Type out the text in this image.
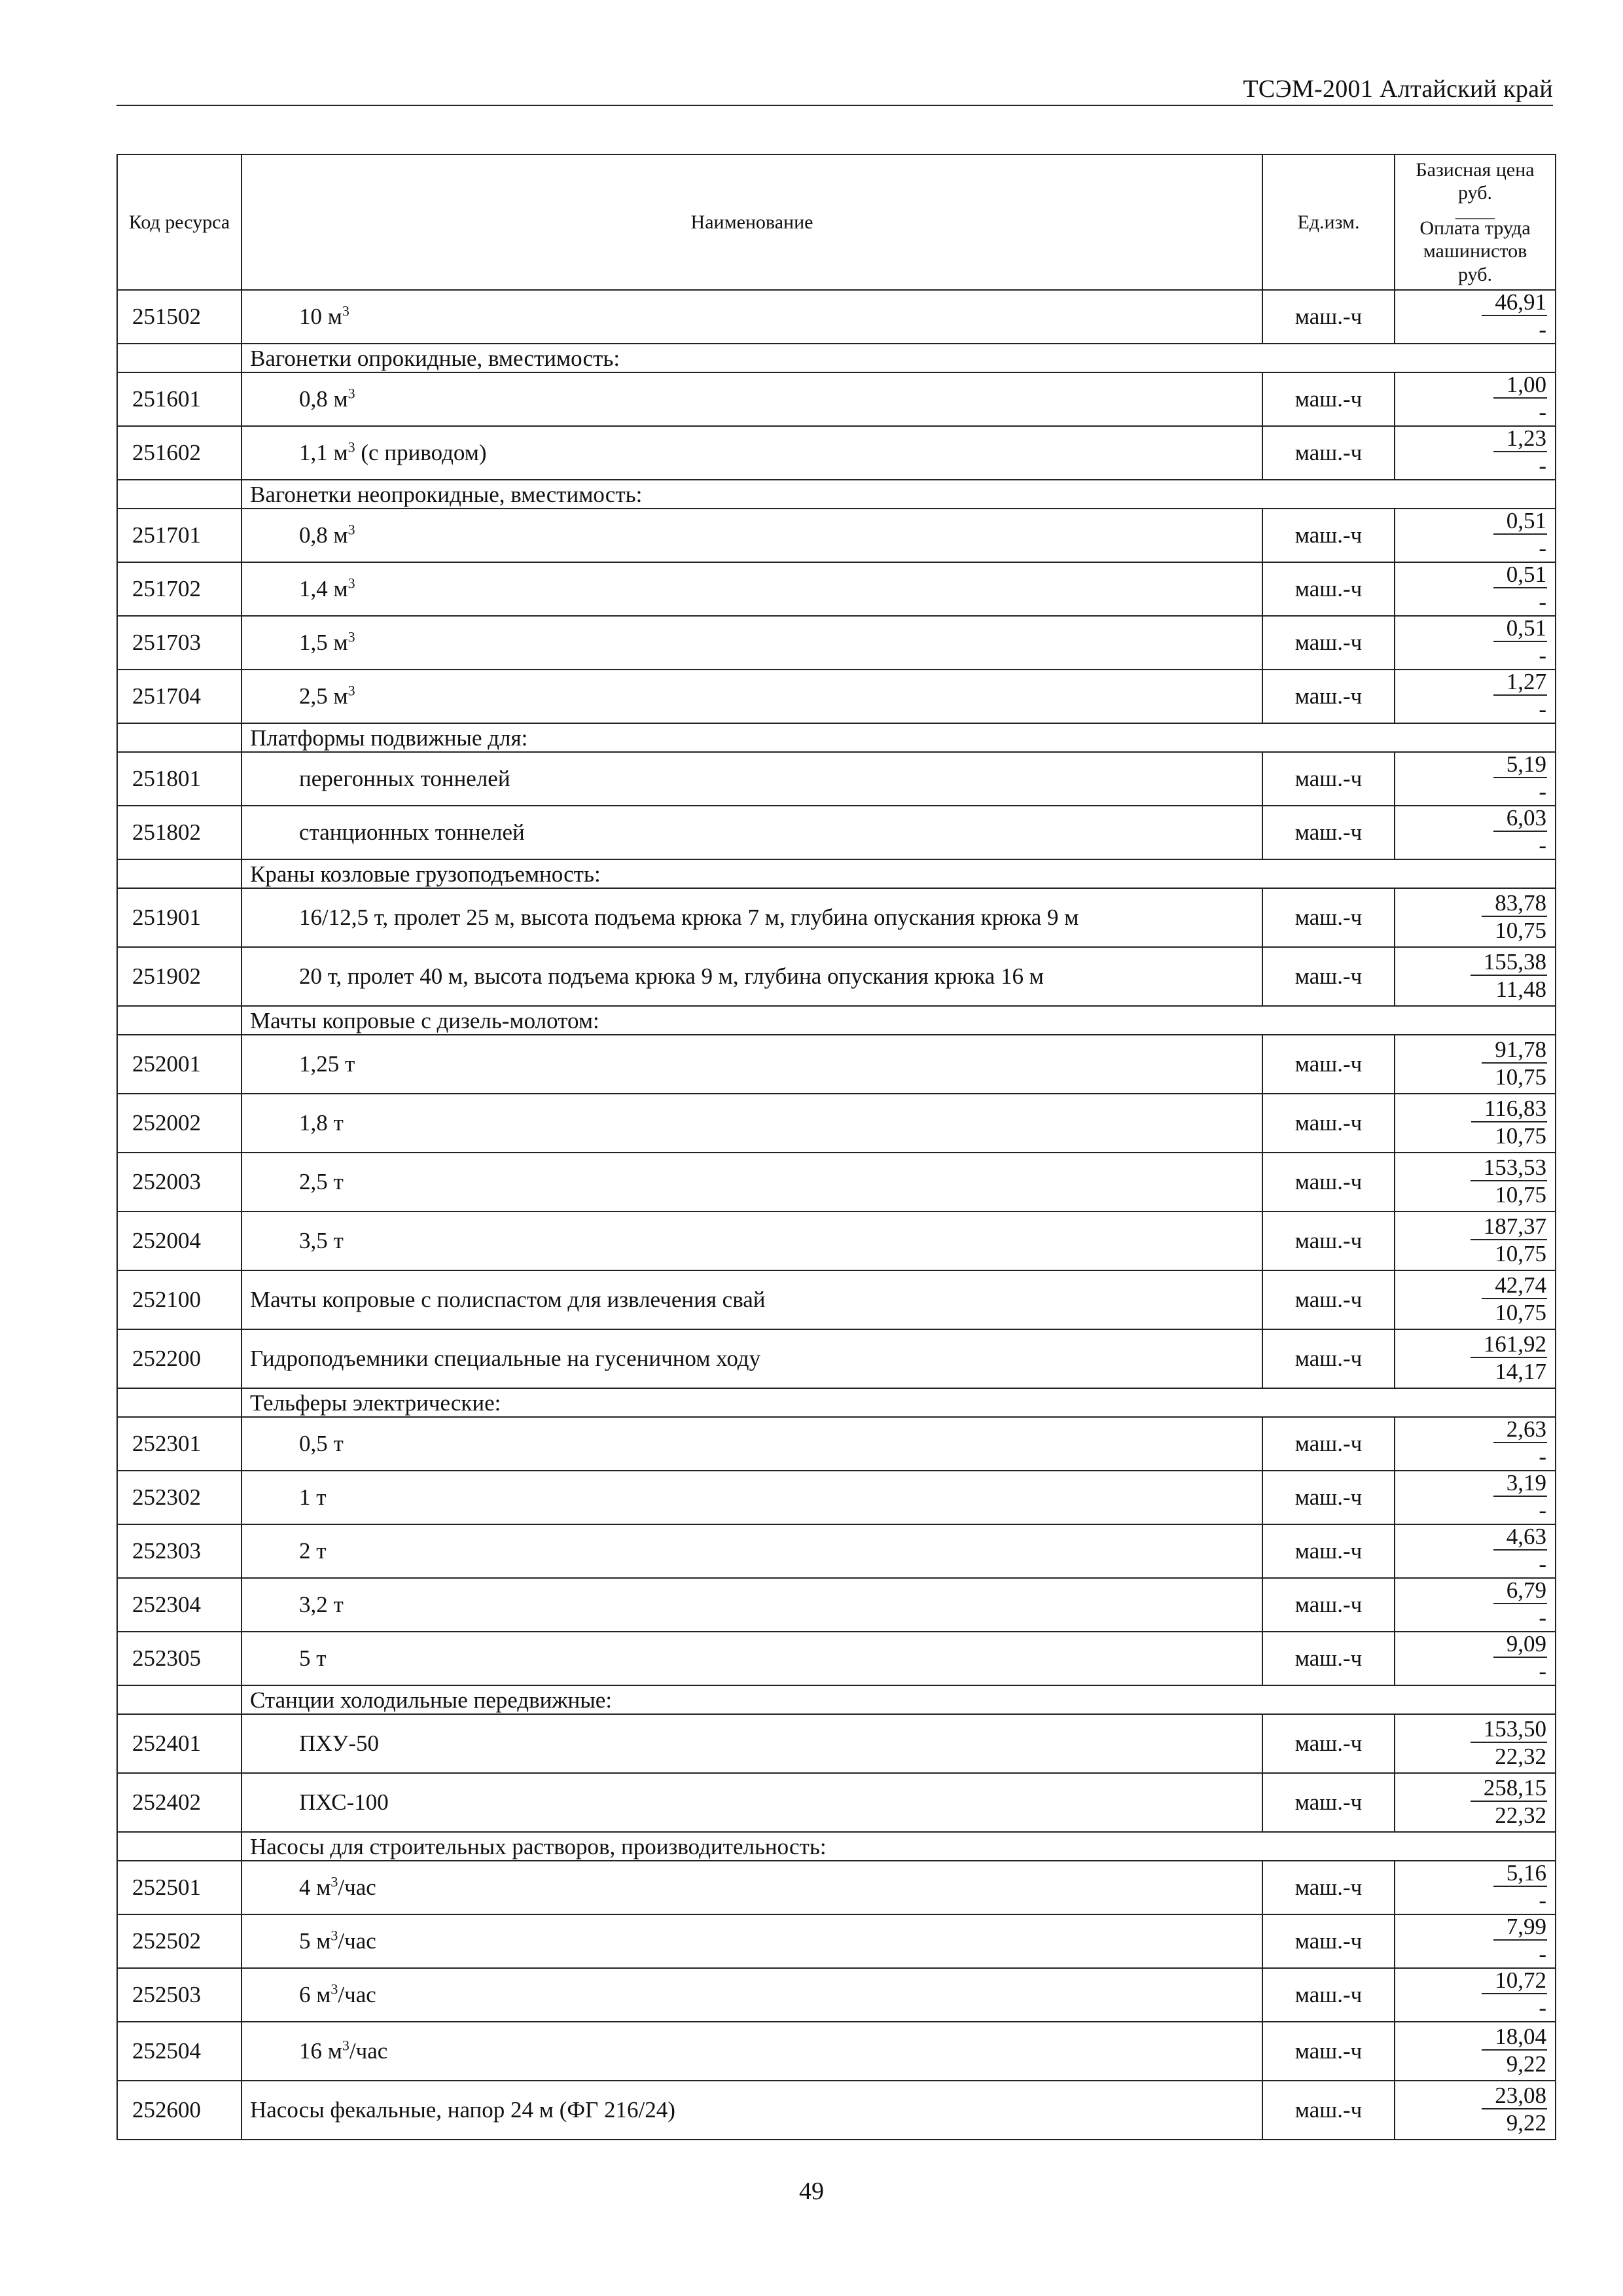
ТСЭМ-2001 Алтайский край
Код ресурса	Наименование	Ед.изм.	Базисная цена руб.
____
Оплата труда машинистов руб.

251502	10 $м^3$	маш.-ч	46,91
-

	Вагонетки опрокидные, вместимость:		
251601	0,8 $м^3$	маш.-ч	1,00
-

251602	1,1 $м^3$ (с приводом)	маш.-ч	1,23
-

	Вагонетки неопрокидные, вместимость:		
251701	0,8 $м^3$	маш.-ч	0,51
-

251702	1,4 $м^3$	маш.-ч	0,51
-

251703	1,5 $м^3$	маш.-ч	0,51
-

251704	2,5 $м^3$	маш.-ч	1,27
-

	Платформы подвижные для:		
251801	перегонных тоннелей	маш.-ч	5,19
-

251802	станционных тоннелей	маш.-ч	6,03
-

	Краны козловые грузоподъемность:		
251901	16/12,5 т, пролет 25 м, высота подъема крюка 7 м, глубина опускания крюка 9 м	маш.-ч	$\frac{83,78}{10,75}$

251902	20 т, пролет 40 м, высота подъема крюка 9 м, глубина опускания крюка 16 м	маш.-ч	$\frac{155,38}{11,48}$

	Мачты копровые с дизель-молотом:		
252001	1,25 т	маш.-ч	$\frac{91,78}{10,75}$

252002	1,8 т	маш.-ч	$\frac{116,83}{10,75}$

252003	2,5 т	маш.-ч	$\frac{153,53}{10,75}$

252004	3,5 т	маш.-ч	$\frac{187,37}{10,75}$

252100	Мачты копровые с полиспастом для извлечения свай	маш.-ч	$\frac{42,74}{10,75}$

252200	Гидроподъемники специальные на гусеничном ходу	маш.-ч	$\frac{161,92}{14,17}$

	Тельферы электрические:		
252301	0,5 т	маш.-ч	2,63
-

252302	1 т	маш.-ч	3,19
-

252303	2 т	маш.-ч	4,63
-

252304	3,2 т	маш.-ч	6,79
-

252305	5 т	маш.-ч	9,09
-

	Станции холодильные передвижные:		
252401	ПХУ-50	маш.-ч	$\frac{153,50}{22,32}$

252402	ПХС-100	маш.-ч	$\frac{258,15}{22,32}$

	Насосы для строительных растворов, производительность:		
252501	4 $м^3$/час	маш.-ч	5,16
-

252502	5 $м^3$/час	маш.-ч	7,99
-

252503	6 $м^3$/час	маш.-ч	10,72
-

252504	16 $м^3$/час	маш.-ч	$\frac{18,04}{9,22}$

252600	Насосы фекальные, напор 24 м (ФГ 216/24)	маш.-ч	$\frac{23,08}{9,22}$
49
